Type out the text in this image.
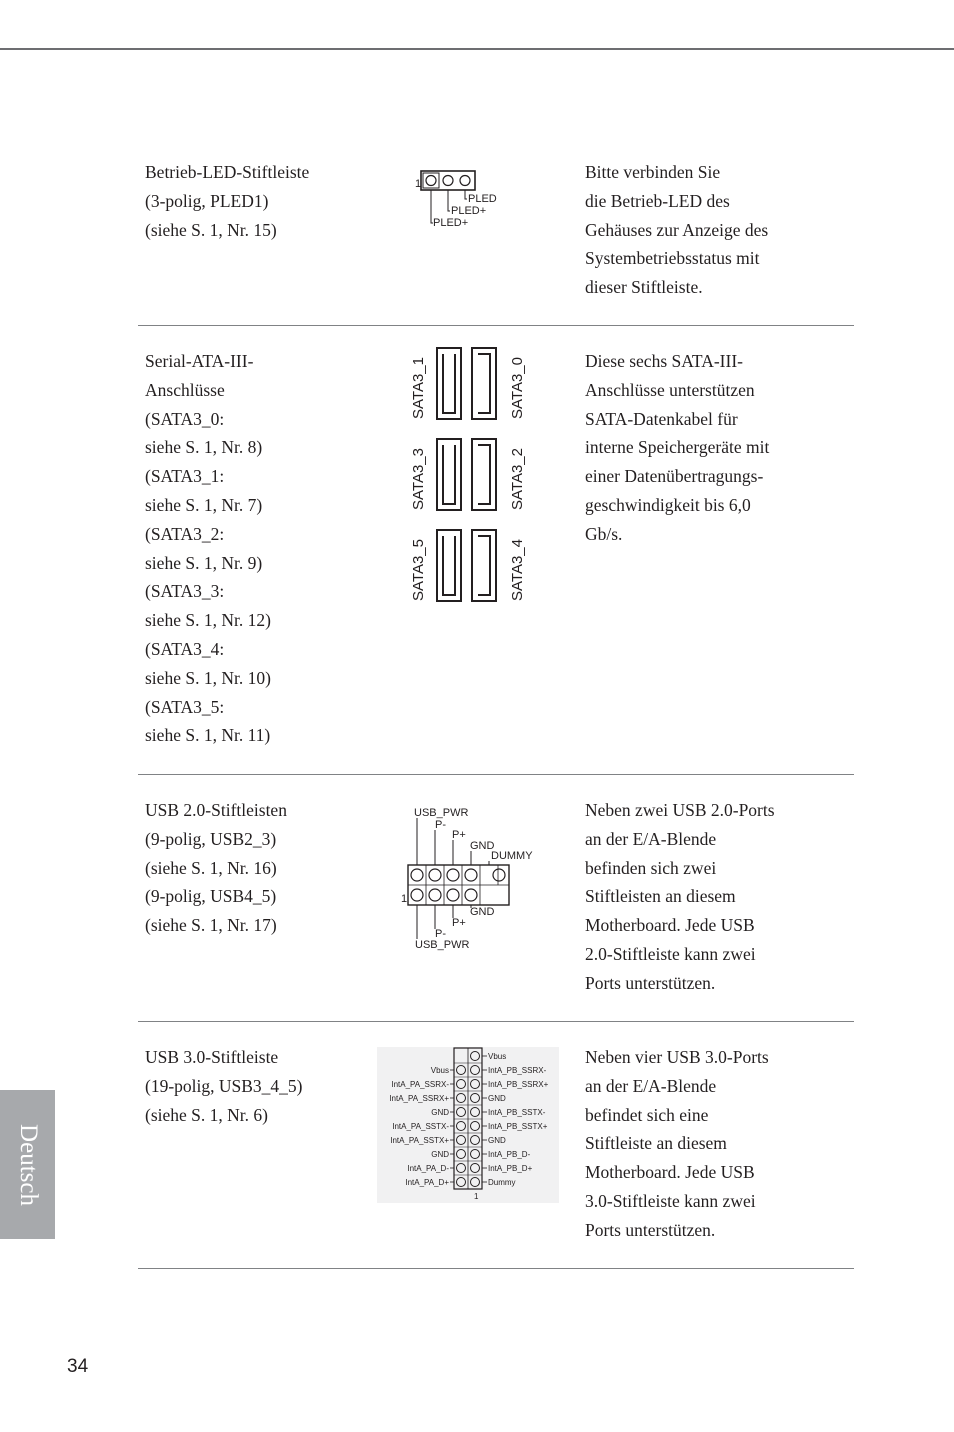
Betrieb-LED-Stiftleiste
(3-polig, PLED1)
(siehe S. 1, Nr. 15)
1
PLED
PLED+
PLED+
Bitte verbinden Sie
die Betrieb-LED des
Gehäuses zur Anzeige des
Systembetriebsstatus mit
dieser Stiftleiste.
Serial-ATA-III-
Anschlüsse
(SATA3_0:
siehe S. 1, Nr. 8)
(SATA3_1:
siehe S. 1, Nr. 7)
(SATA3_2:
siehe S. 1, Nr. 9)
(SATA3_3:
siehe S. 1, Nr. 12)
(SATA3_4:
siehe S. 1, Nr. 10)
(SATA3_5:
siehe S. 1, Nr. 11)
SATA3_1
SATA3_3
SATA3_5
SATA3_0
SATA3_2
SATA3_4
Diese sechs SATA-III-
Anschlüsse unterstützen
SATA-Datenkabel für
interne Speichergeräte mit
einer Datenübertragungs-
geschwindigkeit bis 6,0
Gb/s.
USB 2.0-Stiftleisten
(9-polig, USB2_3)
(siehe S. 1, Nr. 16)
(9-polig, USB4_5)
(siehe S. 1, Nr. 17)
USB_PWR
P-
P+
GND
DUMMY
1
GND
P+
P-
USB_PWR
Neben zwei USB 2.0-Ports
an der E/A-Blende
befinden sich zwei
Stiftleisten an diesem
Motherboard. Jede USB
2.0-Stiftleiste kann zwei
Ports unterstützen.
USB 3.0-Stiftleiste
(19-polig, USB3_4_5)
(siehe S. 1, Nr. 6)
Vbus
IntA_PA_SSRX-
IntA_PA_SSRX+
GND
IntA_PA_SSTX-
IntA_PA_SSTX+
GND
IntA_PA_D-
IntA_PA_D+
Vbus
IntA_PB_SSRX-
IntA_PB_SSRX+
GND
IntA_PB_SSTX-
IntA_PB_SSTX+
GND
IntA_PB_D-
IntA_PB_D+
Dummy
1
Neben vier USB 3.0-Ports
an der E/A-Blende
befindet sich eine
Stiftleiste an diesem
Motherboard. Jede USB
3.0-Stiftleiste kann zwei
Ports unterstützen.
Deutsch
34
